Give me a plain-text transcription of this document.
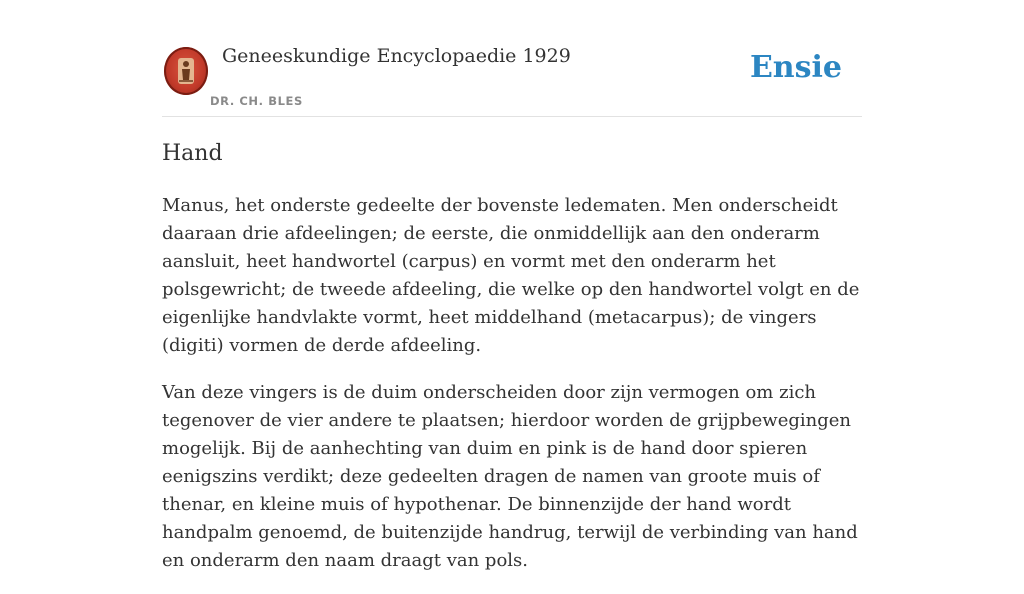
Geneeskundige Encyclopaedie 1929
DR. CH. BLES
Ensie
Hand

Manus, het onderste gedeelte der bovenste ledematen. Men onderscheidt daaraan drie afdeelingen; de eerste, die onmiddellijk aan den onderarm aansluit, heet handwortel (carpus) en vormt met den onderarm het polsgewricht; de tweede afdeeling, die welke op den handwortel volgt en de eigenlijke handvlakte vormt, heet middelhand (metacarpus); de vingers (digiti) vormen de derde afdeeling.

Van deze vingers is de duim onderscheiden door zijn vermogen om zich tegenover de vier andere te plaatsen; hierdoor worden de grijpbewegingen mogelijk. Bij de aanhechting van duim en pink is de hand door spieren eenigszins verdikt; deze gedeelten dragen de namen van groote muis of thenar, en kleine muis of hypothenar. De binnenzijde der hand wordt handpalm genoemd, de buitenzijde handrug, terwijl de verbinding van hand en onderarm den naam draagt van pols.
